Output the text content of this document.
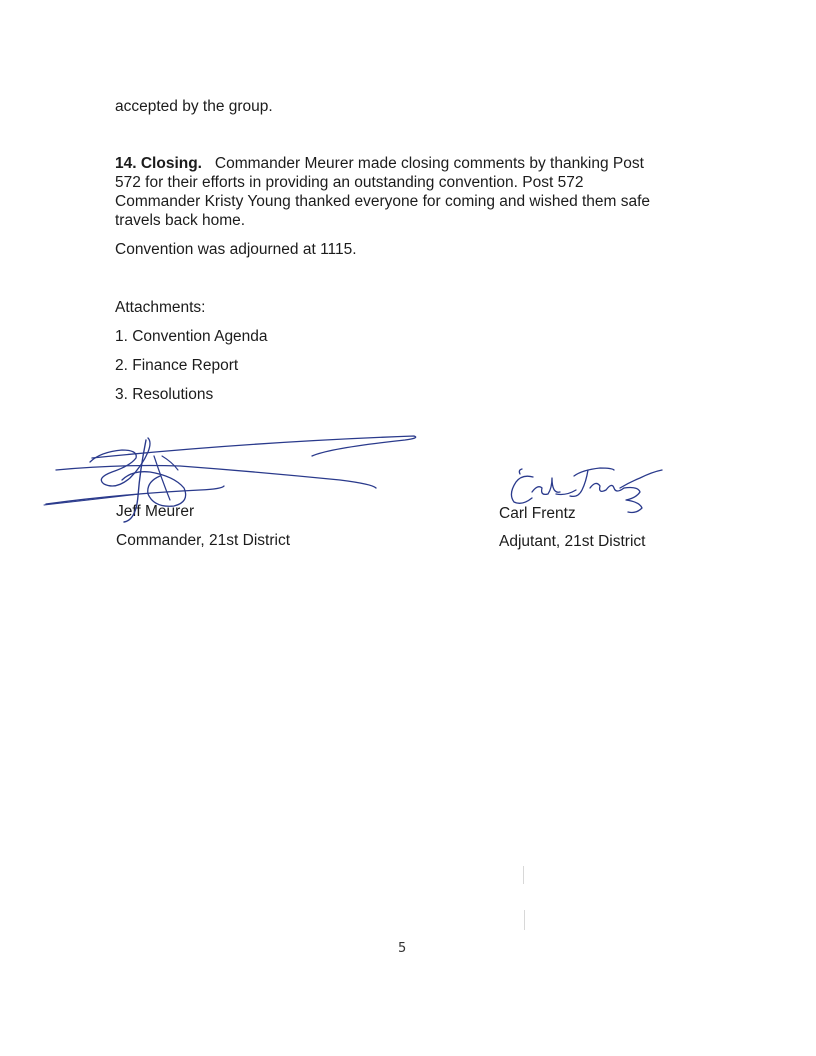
accepted by the group.
14. Closing. Commander Meurer made closing comments by thanking Post
572 for their efforts in providing an outstanding convention. Post 572
Commander Kristy Young thanked everyone for coming and wished them safe
travels back home.
Convention was adjourned at 1115.
Attachments:
1. Convention Agenda
2. Finance Report
3. Resolutions
Jeff Meurer
Commander, 21st District
Carl Frentz
Adjutant, 21st District
5
